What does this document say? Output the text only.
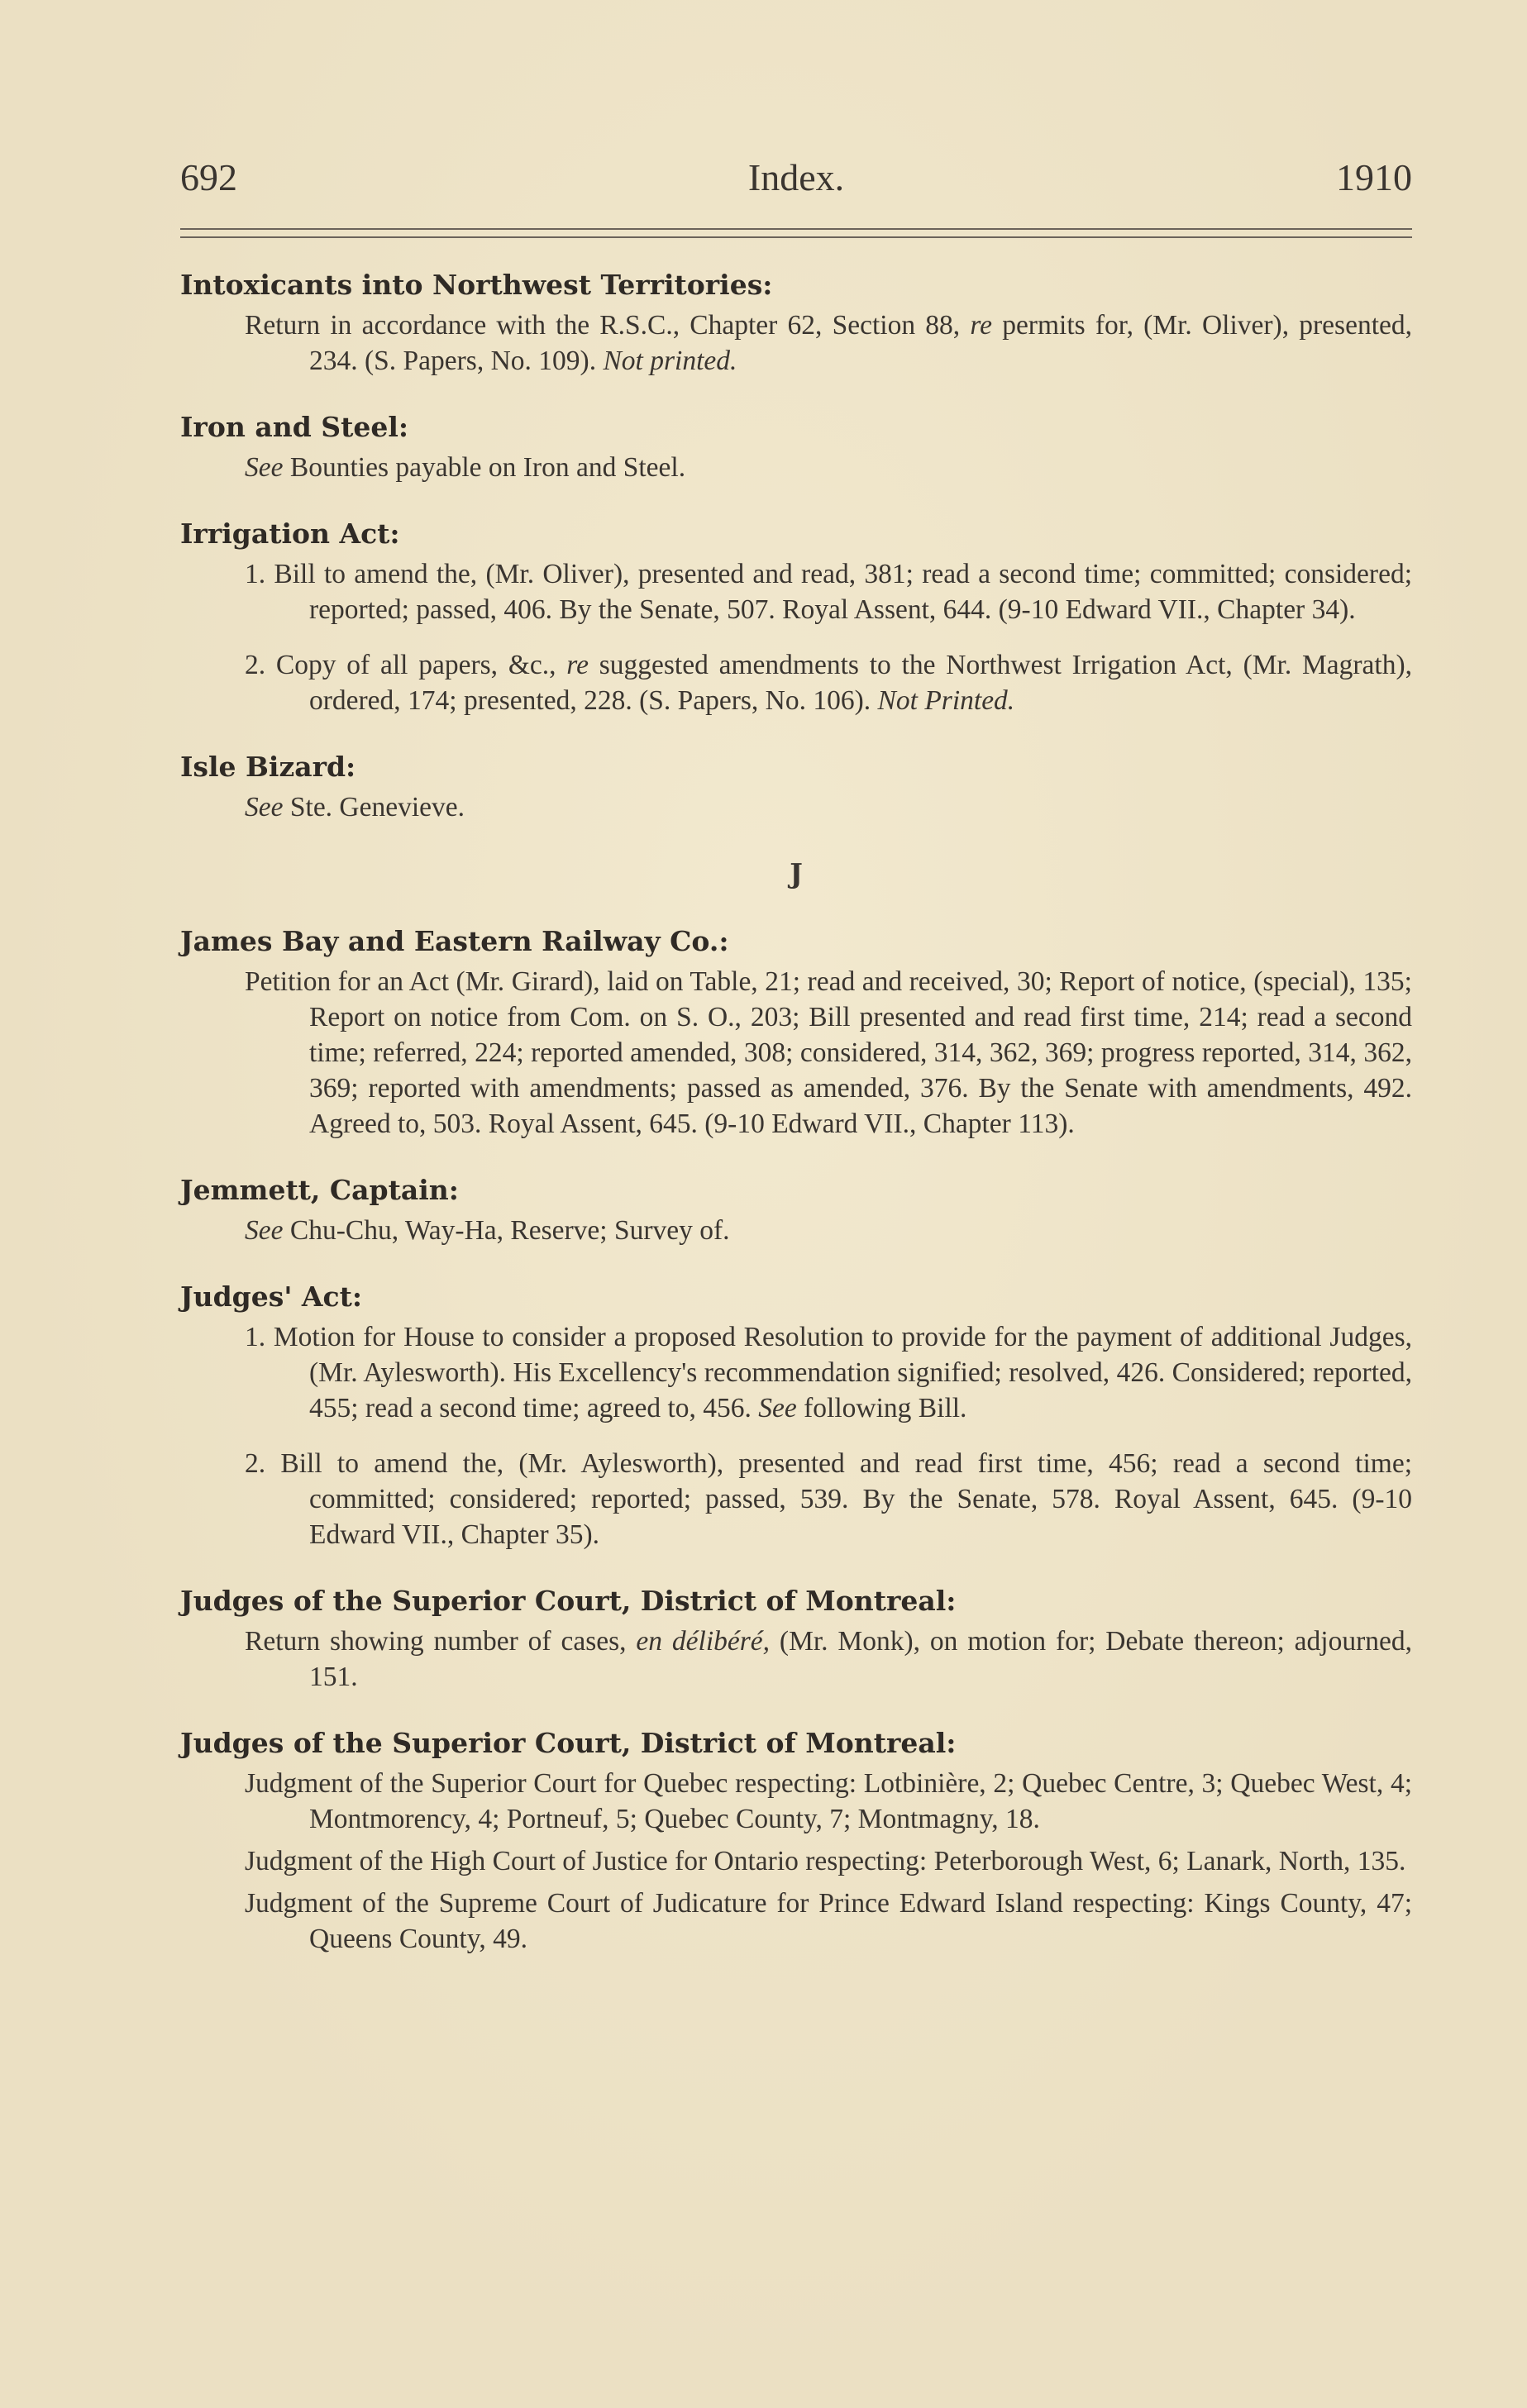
692	Index.	1910
Intoxicants into Northwest Territories:
Return in accordance with the R.S.C., Chapter 62, Section 88, re permits for, (Mr. Oliver), presented, 234. (S. Papers, No. 109). Not printed.
Iron and Steel:
See Bounties payable on Iron and Steel.
Irrigation Act:
1. Bill to amend the, (Mr. Oliver), presented and read, 381; read a second time; committed; considered; reported; passed, 406. By the Senate, 507. Royal Assent, 644. (9-10 Edward VII., Chapter 34).
2. Copy of all papers, &c., re suggested amendments to the Northwest Irrigation Act, (Mr. Magrath), ordered, 174; presented, 228. (S. Papers, No. 106). Not Printed.
Isle Bizard:
See Ste. Genevieve.
J
James Bay and Eastern Railway Co.:
Petition for an Act (Mr. Girard), laid on Table, 21; read and received, 30; Report of notice, (special), 135; Report on notice from Com. on S. O., 203; Bill presented and read first time, 214; read a second time; referred, 224; reported amended, 308; considered, 314, 362, 369; progress reported, 314, 362, 369; reported with amendments; passed as amended, 376. By the Senate with amendments, 492. Agreed to, 503. Royal Assent, 645. (9-10 Edward VII., Chapter 113).
Jemmett, Captain:
See Chu-Chu, Way-Ha, Reserve; Survey of.
Judges' Act:
1. Motion for House to consider a proposed Resolution to provide for the payment of additional Judges, (Mr. Aylesworth). His Excellency's recommendation signified; resolved, 426. Considered; reported, 455; read a second time; agreed to, 456. See following Bill.
2. Bill to amend the, (Mr. Aylesworth), presented and read first time, 456; read a second time; committed; considered; reported; passed, 539. By the Senate, 578. Royal Assent, 645. (9-10 Edward VII., Chapter 35).
Judges of the Superior Court, District of Montreal:
Return showing number of cases, en délibéré, (Mr. Monk), on motion for; Debate thereon; adjourned, 151.
Judges of the Superior Court, District of Montreal:
Judgment of the Superior Court for Quebec respecting: Lotbinière, 2; Quebec Centre, 3; Quebec West, 4; Montmorency, 4; Portneuf, 5; Quebec County, 7; Montmagny, 18.
Judgment of the High Court of Justice for Ontario respecting: Peterborough West, 6; Lanark, North, 135.
Judgment of the Supreme Court of Judicature for Prince Edward Island respecting: Kings County, 47; Queens County, 49.
